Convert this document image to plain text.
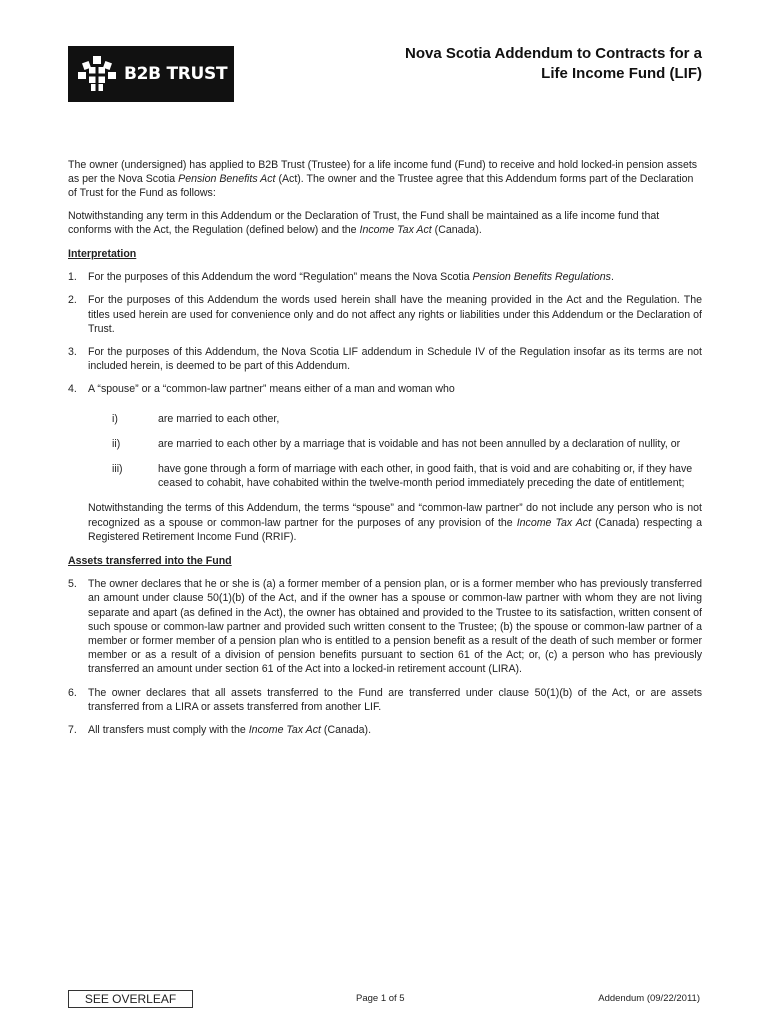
B2B TRUST
Nova Scotia Addendum to Contracts for a
Life Income Fund (LIF)

The owner (undersigned) has applied to B2B Trust (Trustee) for a life income fund (Fund) to receive and hold locked-in pension assets as per the Nova Scotia Pension Benefits Act (Act). The owner and the Trustee agree that this Addendum forms part of the Declaration of Trust for the Fund as follows:

Notwithstanding any term in this Addendum or the Declaration of Trust, the Fund shall be maintained as a life income fund that conforms with the Act, the Regulation (defined below) and the Income Tax Act (Canada).

Interpretation

1.	For the purposes of this Addendum the word “Regulation” means the Nova Scotia Pension Benefits Regulations.
2.	For the purposes of this Addendum the words used herein shall have the meaning provided in the Act and the Regulation. The titles used herein are used for convenience only and do not affect any rights or liabilities under this Addendum or the Declaration of Trust.
3.	For the purposes of this Addendum, the Nova Scotia LIF addendum in Schedule IV of the Regulation insofar as its terms are not included herein, is deemed to be part of this Addendum.
4.	A “spouse” or a “common-law partner” means either of a man and woman who
i)	are married to each other,
ii)	are married to each other by a marriage that is voidable and has not been annulled by a declaration of nullity, or
iii)	have gone through a form of marriage with each other, in good faith, that is void and are cohabiting or, if they have ceased to cohabit, have cohabited within the twelve-month period immediately preceding the date of entitlement;

Notwithstanding the terms of this Addendum, the terms “spouse” and “common-law partner” do not include any person who is not recognized as a spouse or common-law partner for the purposes of any provision of the Income Tax Act (Canada) respecting a Registered Retirement Income Fund (RRIF).

Assets transferred into the Fund

5.	The owner declares that he or she is (a) a former member of a pension plan, or is a former member who has previously transferred an amount under clause 50(1)(b) of the Act, and if the owner has a spouse or common-law partner with whom they are not living separate and apart (as defined in the Act), the owner has obtained and provided to the Trustee to its satisfaction, written consent of such spouse or common-law partner and provided such written consent to the Trustee; (b) the spouse or common-law partner of a member or former member of a pension plan who is entitled to a pension benefit as a result of the death of such member or former member or as a result of a division of pension benefits pursuant to section 61 of the Act; or, (c) a person who has previously transferred an amount under section 61 of the Act into a locked-in retirement account (LIRA).
6.	The owner declares that all assets transferred to the Fund are transferred under clause 50(1)(b) of the Act, or are assets transferred from a LIRA or assets transferred from another LIF.
7.	All transfers must comply with the Income Tax Act (Canada).
SEE OVERLEAF	Page 1 of 5	Addendum (09/22/2011)
